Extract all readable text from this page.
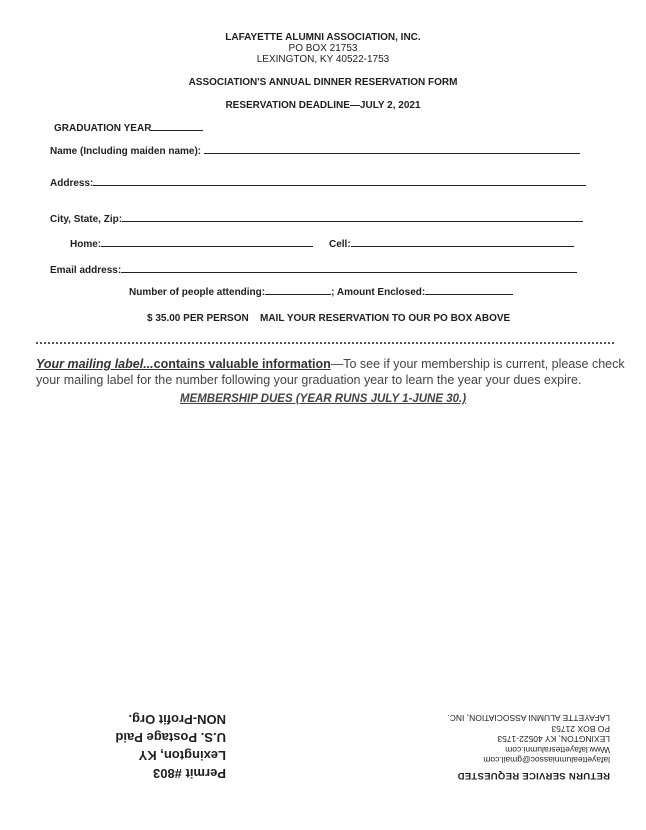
LAFAYETTE ALUMNI ASSOCIATION, INC.
PO BOX 21753
LEXINGTON, KY 40522-1753
ASSOCIATION'S ANNUAL DINNER RESERVATION FORM
RESERVATION DEADLINE—JULY 2, 2021
GRADUATION YEAR
Name (Including maiden name):
Address:
City, State, Zip:
Home:	Cell:
Email address:
Number of people attending:	; Amount Enclosed:
$ 35.00 PER PERSON MAIL YOUR RESERVATION TO OUR PO BOX ABOVE
Your mailing label...contains valuable information—To see if your membership is current, please check your mailing label for the number following your graduation year to learn the year your dues expire.
MEMBERSHIP DUES (YEAR RUNS JULY 1-JUNE 30.)
RETURN SERVICE REQUESTED
lafayettealumniassoc@gmail.com
Www.lafayettesralumni.com
LEXINGTON, KY 40522-1753
PO BOX 21753
LAFAYETTE ALUMNI ASSOCIATION, INC.
Permit #803
Lexington, KY
U.S. Postage Paid
NON-Profit Org.
